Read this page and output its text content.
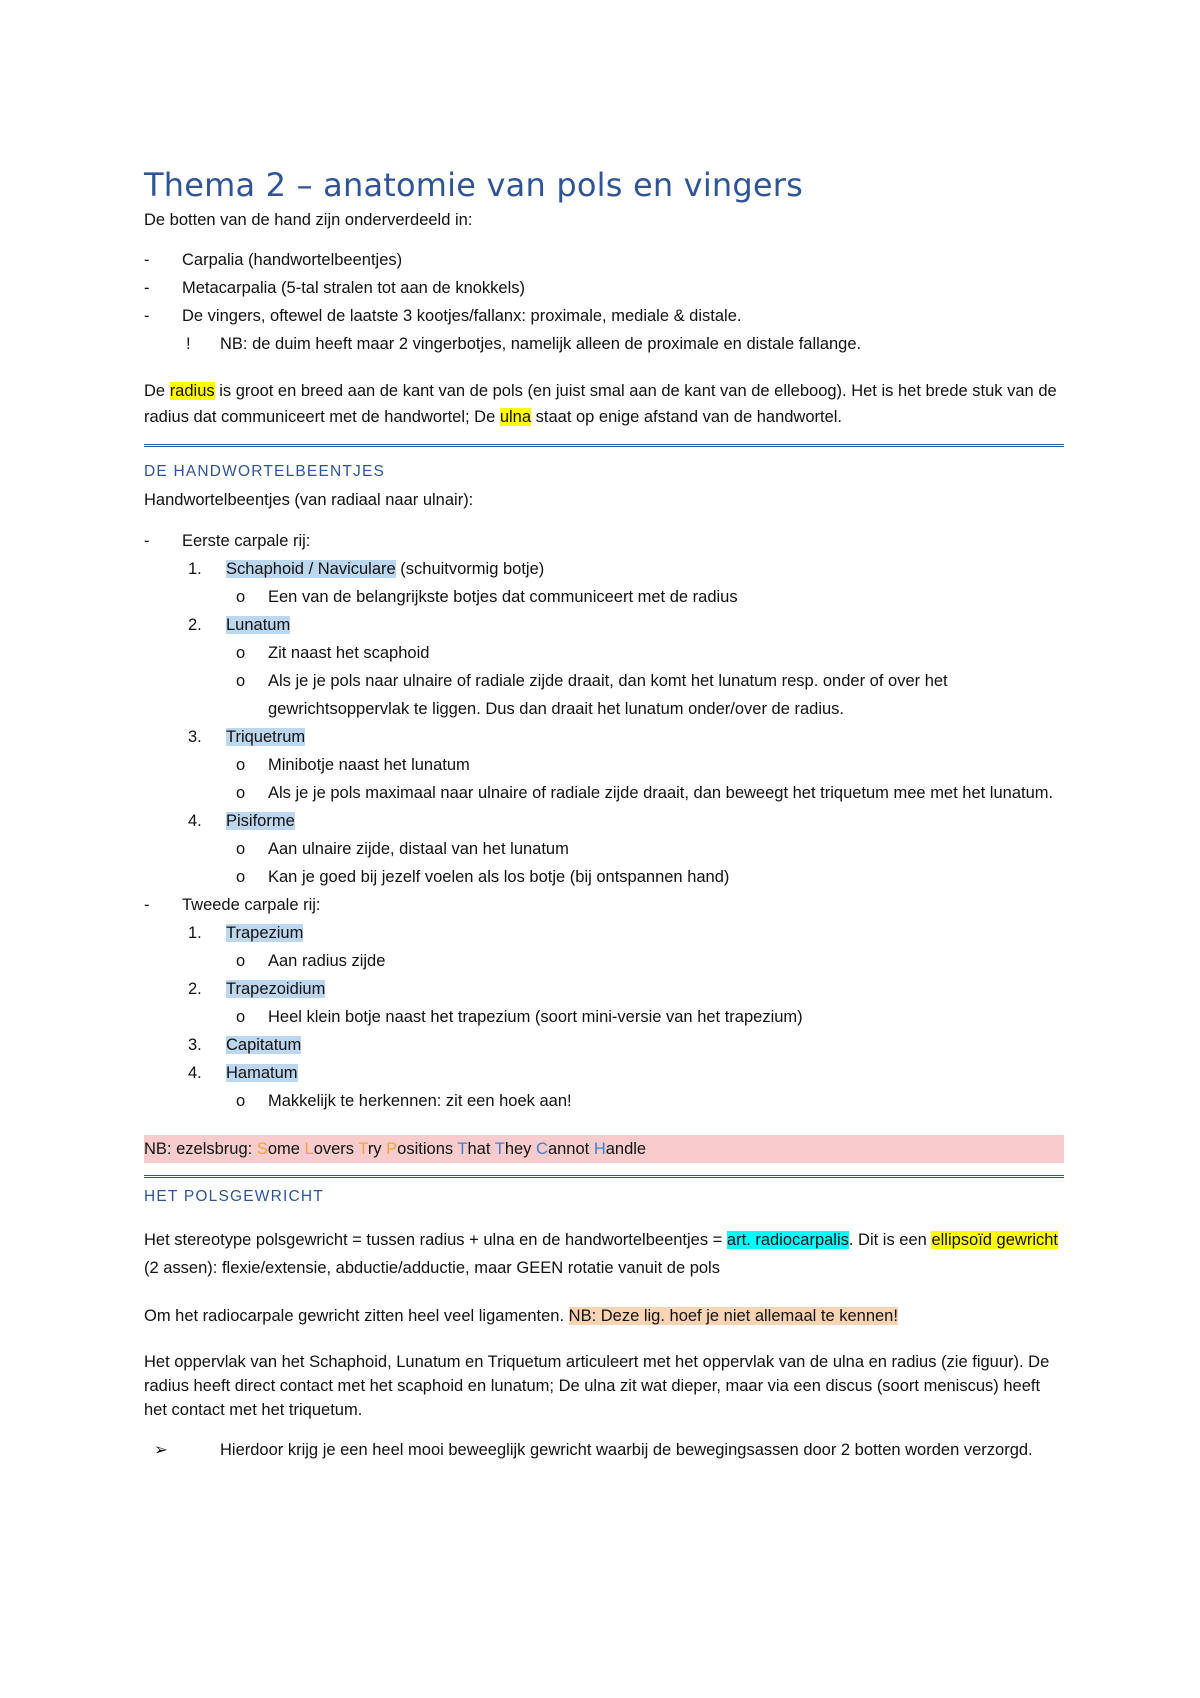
Thema 2 – anatomie van pols en vingers

De botten van de hand zijn onderverdeeld in:

- Carpalia (handwortelbeentjes)
- Metacarpalia (5-tal stralen tot aan de knokkels)
- De vingers, oftewel de laatste 3 kootjes/fallanx: proximale, mediale & distale.
! NB: de duim heeft maar 2 vingerbotjes, namelijk alleen de proximale en distale fallange.

De radius is groot en breed aan de kant van de pols (en juist smal aan de kant van de elleboog). Het is het brede stuk van de radius dat communiceert met de handwortel; De ulna staat op enige afstand van de handwortel.

DE HANDWORTELBEENTJES

Handwortelbeentjes (van radiaal naar ulnair):

- Eerste carpale rij:
1. Schaphoid / Naviculare (schuitvormig botje)
o Een van de belangrijkste botjes dat communiceert met de radius
2. Lunatum
o Zit naast het scaphoid
o Als je je pols naar ulnaire of radiale zijde draait, dan komt het lunatum resp. onder of over het gewrichtsoppervlak te liggen. Dus dan draait het lunatum onder/over de radius.
3. Triquetrum
o Minibotje naast het lunatum
o Als je je pols maximaal naar ulnaire of radiale zijde draait, dan beweegt het triquetum mee met het lunatum.
4. Pisiforme
o Aan ulnaire zijde, distaal van het lunatum
o Kan je goed bij jezelf voelen als los botje (bij ontspannen hand)
- Tweede carpale rij:
1. Trapezium
o Aan radius zijde
2. Trapezoidium
o Heel klein botje naast het trapezium (soort mini-versie van het trapezium)
3. Capitatum
4. Hamatum
o Makkelijk te herkennen: zit een hoek aan!
NB: ezelsbrug: Some Lovers Try Positions That They Cannot Handle
HET POLSGEWRICHT

Het stereotype polsgewricht = tussen radius + ulna en de handwortelbeentjes = art. radiocarpalis. Dit is een ellipsoïd gewricht (2 assen): flexie/extensie, abductie/adductie, maar GEEN rotatie vanuit de pols

Om het radiocarpale gewricht zitten heel veel ligamenten. NB: Deze lig. hoef je niet allemaal te kennen!

Het oppervlak van het Schaphoid, Lunatum en Triquetum articuleert met het oppervlak van de ulna en radius (zie figuur). De radius heeft direct contact met het scaphoid en lunatum; De ulna zit wat dieper, maar via een discus (soort meniscus) heeft het contact met het triquetum.

➢	Hierdoor krijg je een heel mooi beweeglijk gewricht waarbij de bewegingsassen door 2 botten worden verzorgd.
